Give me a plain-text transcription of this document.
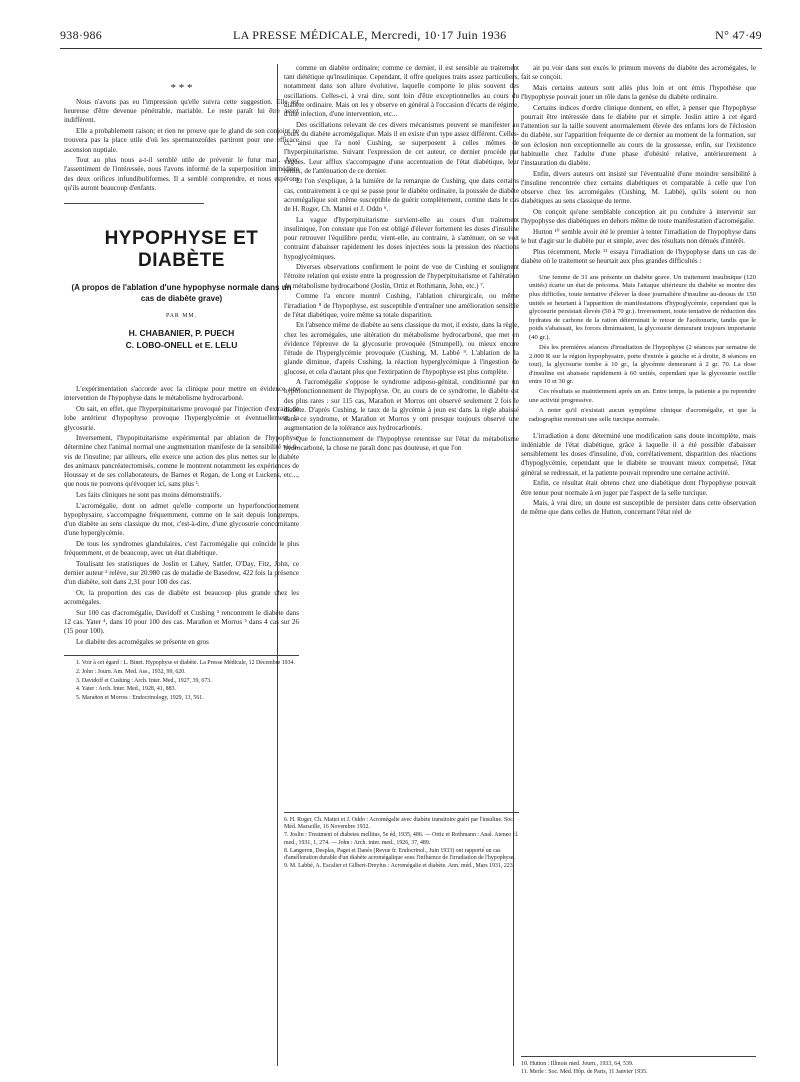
938·986	LA PRESSE MÉDICALE, Mercredi, 10·17 Juin 1936	N° 47·49
* * *

Nous n'avons pas eu l'impression qu'elle suivra cette suggestion. Elle est heureuse d'être devenue pénétrable, mariable. Le reste paraît lui être assez indifférent.

Elle a probablement raison; et rien ne prouve que le gland de son conjoint ne trouvera pas la place utile d'où les spermatozoïdes partiront pour une efficace ascension nuptiale.

Tout au plus nous a-t-il semblé utile de prévenir le futur mari. Avec l'assentiment de l'intéressée, nous l'avons informé de la superposition immédiate des deux orifices infundibuliformes. Il a semblé comprendre, et nous espérons qu'ils auront beaucoup d'enfants.

HYPOPHYSE ET DIABÈTE
(A propos de l'ablation d'une hypophyse normale dans un cas de diabète grave)
PAR MM.
H. CHABANIER, P. PUECH
C. LOBO-ONELL et E. LELU

L'expérimentation s'accorde avec la clinique pour mettre en évidence une intervention de l'hypophyse dans le métabolisme hydrocarboné.

On sait, en effet, que l'hyperpituitarisme provoqué par l'injection d'extraits de lobe antérieur d'hypophyse provoque l'hyperglycémie et éventuellement la glycosurie.

Inversement, l'hypopituitarisme expérimental par ablation de l'hypophyse détermine chez l'animal normal une augmentation manifeste de la sensibilité vis-à-vis de l'insuline; par ailleurs, elle exerce une action des plus nettes sur le diabète des animaux pancréatectomisés, comme le montrent notamment les expériences de Houssay et de ses collaborateurs, de Barnes et Regan, de Long et Luckens, etc..., que nous ne pouvons qu'évoquer ici, sans plus ¹.

Les faits cliniques ne sont pas moins démonstratifs.

L'acromégalie, dont on admet qu'elle comporte un hyperfonctionnement hypophysaire, s'accompagne fréquemment, comme on le sait depuis longtemps, d'un diabète au sens classique du mot, c'est-à-dire, d'une glycosurie concomitante d'une hyperglycémie.

De tous les syndromes glandulaires, c'est l'acromégalie qui coïncide le plus fréquemment, et de beaucoup, avec un état diabétique.

Totalisant les statistiques de Joslin et Lahey, Sattler, O'Day, Fitz, John, ce dernier auteur ² relève, sur 20.980 cas de maladie de Basedow, 422 fois la présence d'un diabète, soit dans 2,31 pour 100 des cas.

Or, la proportion des cas de diabète est beaucoup plus grande chez les acromégales.

Sur 100 cas d'acromégalie, Davidoff et Cushing ³ rencontrent le diabète dans 12 cas. Yater ⁴, dans 10 pour 100 des cas. Marañon et Morros ⁵ dans 4 cas sur 26 (15 pour 100).

Le diabète des acromégales se présente en gros

1. Voir à cet égard : L. Binet. Hypophyse et diabète. La Presse Médicale, 12 Décembre 1934.

2. John : Journ. Am. Med. Ass., 1932, 99, 620.

3. Davidoff et Cushing : Arch. Inter. Med., 1927, 39, 673.

4. Yater : Arch. Inter. Med., 1928, 41, 883.

5. Marañon et Morros : Endocrinology, 1929, 13, 561.

comme un diabète ordinaire; comme ce dernier, il est sensible au traitement tant diététique qu'insulinique. Cependant, il offre quelques traits assez particuliers, notamment dans son allure évolutive, laquelle comporte le plus souvent des oscillations. Celles-ci, à vrai dire, sont loin d'être exceptionnelles au cours du diabète ordinaire. Mais on les y observe en général à l'occasion d'écarts de régime, d'une infection, d'une intervention, etc...

Des oscillations relevant de ces divers mécanismes peuvent se manifester au cours du diabète acromégalique. Mais il en existe d'un type assez différent. Celles-ci, ainsi que l'a noté Cushing, se superposent à celles mêmes de l'hyperpituitarisme. Suivant l'expression de cet auteur, ce dernier procède par vagues. Leur afflux s'accompagne d'une accentuation de l'état diabétique, leur reflux, de l'atténuation de ce dernier.

Et l'on s'explique, à la lumière de la remarque de Cushing, que dans certains cas, contrairement à ce qui se passe pour le diabète ordinaire, la poussée de diabète acromégalique soit même susceptible de guérir complètement, comme dans le cas de H. Roger, Ch. Mattei et J. Oddo ⁶.

La vague d'hyperpituitarisme survient-elle au cours d'un traitement insulinique, l'on constate que l'on est obligé d'élever fortement les doses d'insuline pour retrouver l'équilibre perdu; vient-elle, au contraire, à s'atténuer, on se voit contraint d'abaisser rapidement les doses injectées sous la pression des réactions hypoglycémiques.

Diverses observations confirment le point de vue de Cushing et soulignent l'étroite relation qui existe entre la progression de l'hyperpituitarisme et l'altération du métabolisme hydrocarboné (Joslin, Ortiz et Rothmann, John, etc.) ⁷.

Comme l'a encore montré Cushing, l'ablation chirurgicale, ou même l'irradiation ⁸ de l'hypophyse, est susceptible d'entraîner une amélioration sensible de l'état diabétique, voire même sa totale disparition.

En l'absence même de diabète au sens classique du mot, il existe, dans la règle, chez les acromégales, une altération du métabolisme hydrocarboné, que met en évidence l'épreuve de la glycosurie provoquée (Strumpell), ou mieux encore l'étude de l'hyperglycémie provoquée (Cushing, M. Labbé ⁹. L'ablation de la glande diminue, d'après Cushing, la réaction hyperglycémique à l'ingestion de glucose, et cela d'autant plus que l'extirpation de l'hypophyse est plus complète.

A l'acromégalie s'oppose le syndrome adiposo-génital, conditionné par un hypofonctionnement de l'hypophyse. Or, au cours de ce syndrome, le diabète est des plus rares : sur 115 cas, Marañon et Morros ont observé seulement 2 fois le diabète. D'après Cushing, le taux de la glycémie à jeun est dans la règle abaissé dans ce syndrome, et Marañon et Morros y ont presque toujours observé une augmentation de la tolérance aux hydrocarbonés.

Que le fonctionnement de l'hypophyse retentisse sur l'état du métabolisme hydrocarboné, la chose ne paraît donc pas douteuse, et que l'on

6. H. Roger, Ch. Mattei et J. Oddo : Acromégalie avec diabète transitoire guéri par l'insuline. Soc. Méd. Marseille, 16 Novembre 1932.

7. Joslin : Treatment of diabetes mellitus, 5e éd, 1935, 486. — Ortiz et Rothmann : Anal. Ateneo cl. med., 1931, 1, 274. — John : Arch. inter. med., 1926, 37, 489.

8. Langeron, Desplas, Paget et Danès (Revue fr. Endocrinol., Juin 1933) ont rapporté un cas d'amélioration durable d'un diabète acromégalique sous l'influence de l'irradiation de l'hypophyse.

9. M. Labbé, A. Escalier et Gilbert-Dreyfus : Acromégalie et diabète. Ann. méd., Mars 1931, 223.

ait pu voir dans son excès le primum movens du diabète des acromégales, le fait se conçoit.

Mais certains auteurs sont allés plus loin et ont émis l'hypothèse que l'hypophyse pouvait jouer un rôle dans la genèse du diabète ordinaire.

Certains indices d'ordre clinique donnent, en effet, à penser que l'hypophyse pourrait être intéressée dans le diabète pur et simple. Joslin attire à cet égard l'attention sur la taille souvent anormalement élevée des enfants lors de l'éclosion du diabète, sur l'apparition fréquente de ce dernier au moment de la formation, sur son éclosion non exceptionnelle au cours de la grossesse, enfin, sur l'existence habituelle chez l'adulte d'une phase d'obésité relative, antérieurement à l'instauration du diabète.

Enfin, divers auteurs ont insisté sur l'éventualité d'une moindre sensibilité à l'insuline rencontrée chez certains diabétiques et comparable à celle que l'on observe chez les acromégales (Cushing, M. Labbé), qu'ils soient ou non diabétiques au sens classique du terme.

On conçoit qu'une semblable conception ait pu conduire à intervenir sur l'hypophyse des diabétiques en dehors même de toute manifestation d'acromégalie.

Hutton ¹⁰ semble avoir été le premier à tenter l'irradiation de l'hypophyse dans le but d'agir sur le diabète pur et simple, avec des résultats non dénués d'intérêt.

Plus récemment, Merle ¹¹ essaya l'irradiation de l'hypophyse dans un cas de diabète où le traitement se heurtait aux plus grandes difficultés :

Une femme de 31 ans présente un diabète grave. Un traitement insulinique (120 unités) écarte un état de précoma. Mais l'attaque ultérieure du diabète se montre des plus difficiles, toute tentative d'élever la dose journalière d'insuline au-dessus de 150 unités se heurtant à l'apparition de manifestations d'hypoglycémie, cependant que la glycosurie persistait élevée (50 à 70 gr.). Inversement, toute tentative de réduction des hydrates de carbone de la ration déterminait le retour de l'acétonurie, tandis que le poids s'abaissait, les forces diminuaient, la glycosurie demeurant toujours importante (40 gr.).

Dès les premières séances d'irradiation de l'hypophyse (2 séances par semaine de 2.000 R sur la région hypophysaire, porte d'entrée à gauche et à droite, 8 séances en tout), la glycosurie tombe à 10 gr., la glycémie demeurant à 2 gr. 70. La dose d'insuline est abaissée rapidement à 60 unités, cependant que la glycosurie oscille entre 10 et 30 gr.

Ces résultats se maintiennent après un an. Entre temps, la patiente a pu reprendre une activité progressive.

A noter qu'il n'existait aucun symptôme clinique d'acromégalie, et que la radiographie montrait une selle turcique normale.

L'irradiation a donc déterminé une modification sans doute incomplète, mais indéniable de l'état diabétique, grâce à laquelle il a été possible d'abaisser sensiblement les doses d'insuline, d'où, corrélativement, disparition des réactions d'hypoglycémie, cependant que le diabète se trouvant mieux compensé, l'état général se redressait, et la patiente pouvait reprendre une certaine activité.

Enfin, ce résultat était obtenu chez une diabétique dont l'hypophyse pouvait être tenue pour normale à en juger par l'aspect de la selle turcique.

Mais, à vrai dire, un doute est susceptible de persister dans cette observation de même que dans celles de Hutton, concernant l'état réel de

10. Hutton : Illinois med. Journ., 1933, 64, 539.

11. Merle : Soc. Méd. Hôp. de Paris, 11 Janvier 1935.
